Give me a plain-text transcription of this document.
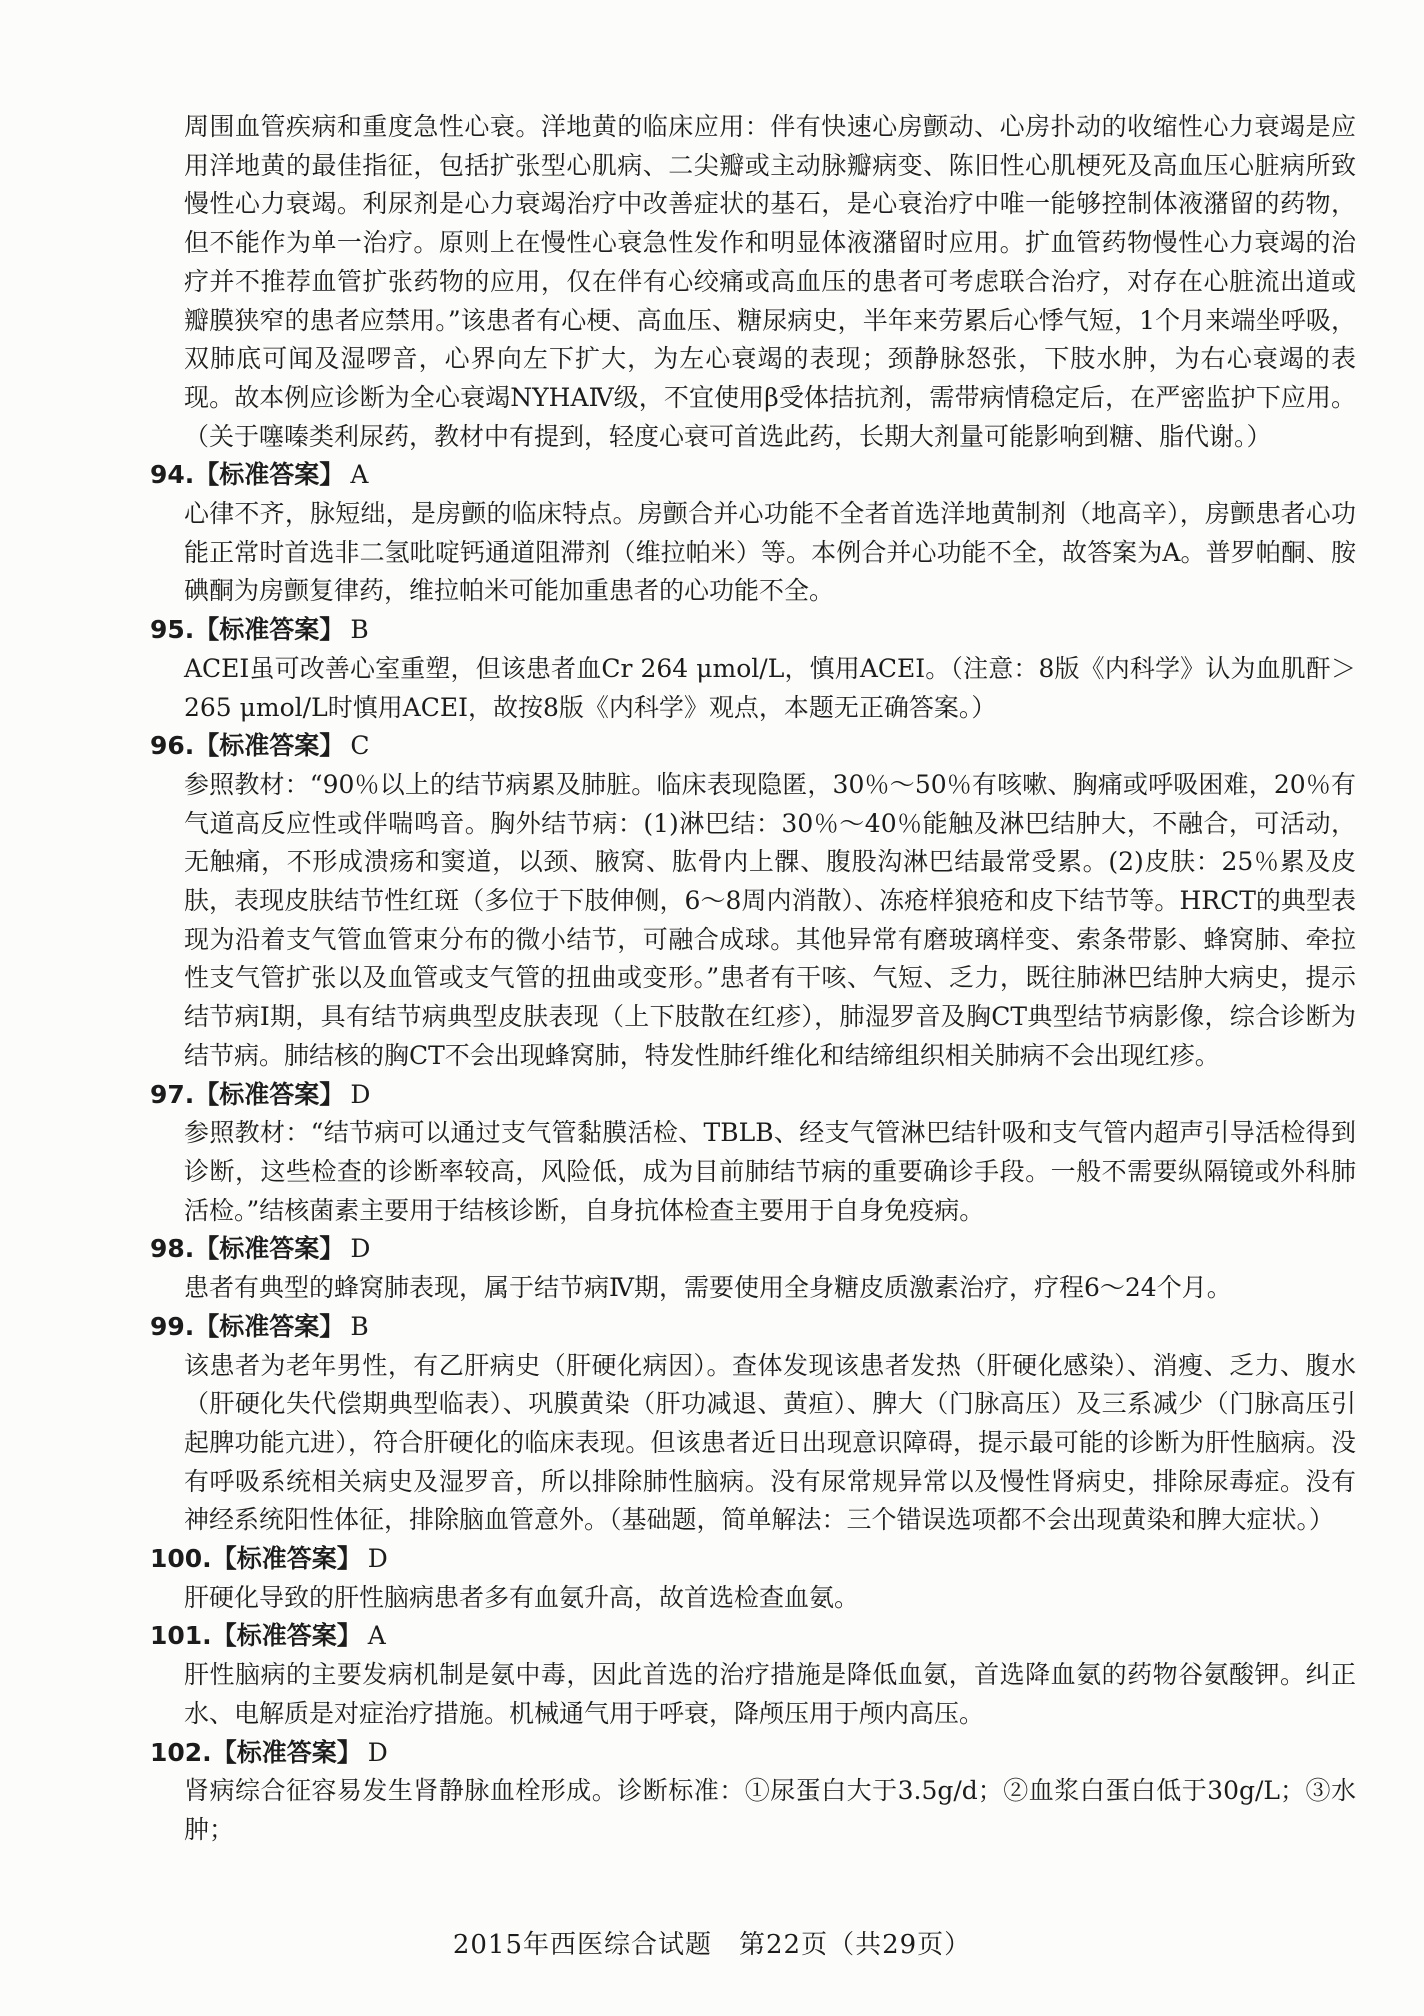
周围血管疾病和重度急性心衰。洋地黄的临床应用：伴有快速心房颤动、心房扑动的收缩性心力衰竭是应用洋地黄的最佳指征，包括扩张型心肌病、二尖瓣或主动脉瓣病变、陈旧性心肌梗死及高血压心脏病所致慢性心力衰竭。利尿剂是心力衰竭治疗中改善症状的基石，是心衰治疗中唯一能够控制体液潴留的药物，但不能作为单一治疗。原则上在慢性心衰急性发作和明显体液潴留时应用。扩血管药物慢性心力衰竭的治疗并不推荐血管扩张药物的应用，仅在伴有心绞痛或高血压的患者可考虑联合治疗，对存在心脏流出道或瓣膜狭窄的患者应禁用。”该患者有心梗、高血压、糖尿病史，半年来劳累后心悸气短，1个月来端坐呼吸，双肺底可闻及湿啰音，心界向左下扩大，为左心衰竭的表现；颈静脉怒张，下肢水肿，为右心衰竭的表现。故本例应诊断为全心衰竭NYHAⅣ级，不宜使用β受体拮抗剂，需带病情稳定后，在严密监护下应用。（关于噻嗪类利尿药，教材中有提到，轻度心衰可首选此药，长期大剂量可能影响到糖、脂代谢。）

94.【标准答案】 A

心律不齐，脉短绌，是房颤的临床特点。房颤合并心功能不全者首选洋地黄制剂（地高辛），房颤患者心功能正常时首选非二氢吡啶钙通道阻滞剂（维拉帕米）等。本例合并心功能不全，故答案为A。普罗帕酮、胺碘酮为房颤复律药，维拉帕米可能加重患者的心功能不全。

95.【标准答案】 B

ACEI虽可改善心室重塑，但该患者血Cr 264 μmol/L，慎用ACEI。（注意：8版《内科学》认为血肌酐＞265 μmol/L时慎用ACEI，故按8版《内科学》观点，本题无正确答案。）

96.【标准答案】 C

参照教材：“90％以上的结节病累及肺脏。临床表现隐匿，30％～50％有咳嗽、胸痛或呼吸困难，20％有气道高反应性或伴喘鸣音。胸外结节病：(1)淋巴结：30％～40％能触及淋巴结肿大，不融合，可活动，无触痛，不形成溃疡和窦道，以颈、腋窝、肱骨内上髁、腹股沟淋巴结最常受累。(2)皮肤：25％累及皮肤，表现皮肤结节性红斑（多位于下肢伸侧，6～8周内消散）、冻疮样狼疮和皮下结节等。HRCT的典型表现为沿着支气管血管束分布的微小结节，可融合成球。其他异常有磨玻璃样变、索条带影、蜂窝肺、牵拉性支气管扩张以及血管或支气管的扭曲或变形。”患者有干咳、气短、乏力，既往肺淋巴结肿大病史，提示结节病Ⅰ期，具有结节病典型皮肤表现（上下肢散在红疹），肺湿罗音及胸CT典型结节病影像，综合诊断为结节病。肺结核的胸CT不会出现蜂窝肺，特发性肺纤维化和结缔组织相关肺病不会出现红疹。

97.【标准答案】 D

参照教材：“结节病可以通过支气管黏膜活检、TBLB、经支气管淋巴结针吸和支气管内超声引导活检得到诊断，这些检查的诊断率较高，风险低，成为目前肺结节病的重要确诊手段。一般不需要纵隔镜或外科肺活检。”结核菌素主要用于结核诊断，自身抗体检查主要用于自身免疫病。

98.【标准答案】 D

患者有典型的蜂窝肺表现，属于结节病Ⅳ期，需要使用全身糖皮质激素治疗，疗程6～24个月。

99.【标准答案】 B

该患者为老年男性，有乙肝病史（肝硬化病因）。查体发现该患者发热（肝硬化感染）、消瘦、乏力、腹水（肝硬化失代偿期典型临表）、巩膜黄染（肝功减退、黄疸）、脾大（门脉高压）及三系减少（门脉高压引起脾功能亢进），符合肝硬化的临床表现。但该患者近日出现意识障碍，提示最可能的诊断为肝性脑病。没有呼吸系统相关病史及湿罗音，所以排除肺性脑病。没有尿常规异常以及慢性肾病史，排除尿毒症。没有神经系统阳性体征，排除脑血管意外。（基础题，简单解法：三个错误选项都不会出现黄染和脾大症状。）

100.【标准答案】 D

肝硬化导致的肝性脑病患者多有血氨升高，故首选检查血氨。

101.【标准答案】 A

肝性脑病的主要发病机制是氨中毒，因此首选的治疗措施是降低血氨，首选降血氨的药物谷氨酸钾。纠正水、电解质是对症治疗措施。机械通气用于呼衰，降颅压用于颅内高压。

102.【标准答案】 D

肾病综合征容易发生肾静脉血栓形成。诊断标准：①尿蛋白大于3.5g/d；②血浆白蛋白低于30g/L；③水肿；

2015年西医综合试题　第22页（共29页）
